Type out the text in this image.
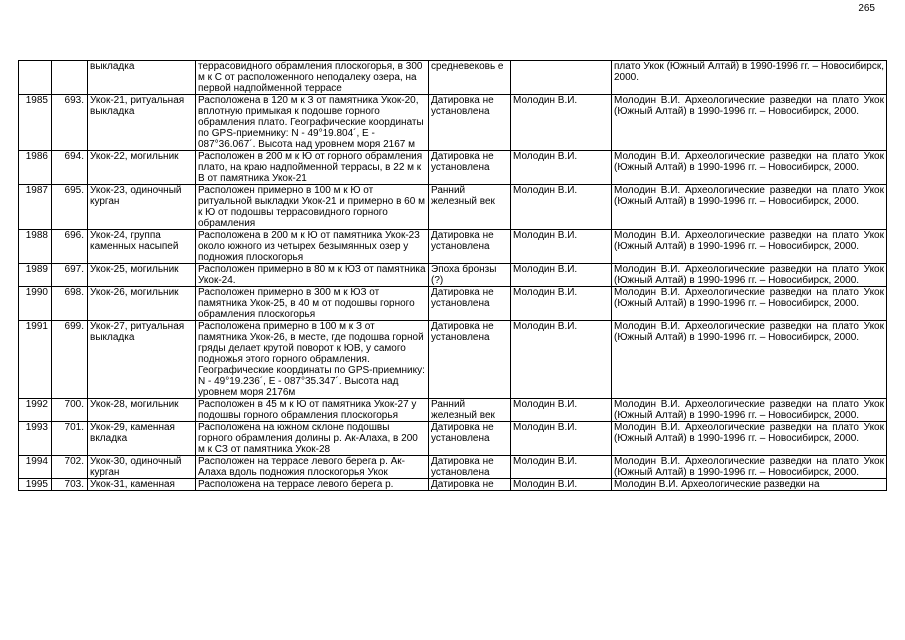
265
		выкладка	террасовидного обрамления плоскогорья, в 300 м к С от расположенного неподалеку озера, на первой надпойменной террасе	средневековь е		плато Укок (Южный Алтай) в 1990-1996 гг. – Новосибирск, 2000.
1985	693.	Укок-21, ритуальная выкладка	Расположена в 120 м к З от памятника Укок-20, вплотную примыкая к подошве горного обрамления плато. Географические координаты по GPS-приемнику: N - 49°19.804´, E - 087°36.067´. Высота над уровнем моря 2167 м	Датировка не установлена	Молодин В.И.	Молодин В.И. Археологические разведки на плато Укок (Южный Алтай) в 1990-1996 гг. – Новосибирск, 2000.
1986	694.	Укок-22, могильник	Расположен в 200 м к Ю от горного обрамления плато, на краю надпойменной террасы, в 22 м к В от памятника Укок-21	Датировка не установлена	Молодин В.И.	Молодин В.И. Археологические разведки на плато Укок (Южный Алтай) в 1990-1996 гг. – Новосибирск, 2000.
1987	695.	Укок-23, одиночный курган	Расположен примерно в 100 м к Ю от ритуальной выкладки Укок-21 и примерно в 60 м к Ю от подошвы террасовидного горного обрамления	Ранний железный век	Молодин В.И.	Молодин В.И. Археологические разведки на плато Укок (Южный Алтай) в 1990-1996 гг. – Новосибирск, 2000.
1988	696.	Укок-24, группа каменных насыпей	Расположена в 200 м к Ю от памятника Укок-23 около южного из четырех безымянных озер у подножия плоскогорья	Датировка не установлена	Молодин В.И.	Молодин В.И. Археологические разведки на плато Укок (Южный Алтай) в 1990-1996 гг. – Новосибирск, 2000.
1989	697.	Укок-25, могильник	Расположен примерно в 80 м к ЮЗ от памятника Укок-24.	Эпоха бронзы (?)	Молодин В.И.	Молодин В.И. Археологические разведки на плато Укок (Южный Алтай) в 1990-1996 гг. – Новосибирск, 2000.
1990	698.	Укок-26, могильник	Расположен примерно в 300 м к ЮЗ от памятника Укок-25, в 40 м от подошвы горного обрамления плоскогорья	Датировка не установлена	Молодин В.И.	Молодин В.И. Археологические разведки на плато Укок (Южный Алтай) в 1990-1996 гг. – Новосибирск, 2000.
1991	699.	Укок-27, ритуальная выкладка	Расположена примерно в 100 м к З от памятника Укок-26, в месте, где подошва горной гряды делает крутой поворот к ЮВ, у самого подножья этого горного обрамления. Географические координаты по GPS-приемнику: N - 49°19.236´, E - 087°35.347´. Высота над уровнем моря 2176м	Датировка не установлена	Молодин В.И.	Молодин В.И. Археологические разведки на плато Укок (Южный Алтай) в 1990-1996 гг. – Новосибирск, 2000.
1992	700.	Укок-28, могильник	Расположен в 45 м к Ю от памятника Укок-27 у подошвы горного обрамления плоскогорья	Ранний железный век	Молодин В.И.	Молодин В.И. Археологические разведки на плато Укок (Южный Алтай) в 1990-1996 гг. – Новосибирск, 2000.
1993	701.	Укок-29, каменная вкладка	Расположена на южном склоне подошвы горного обрамления долины р. Ак-Алаха, в 200 м к СЗ от памятника Укок-28	Датировка не установлена	Молодин В.И.	Молодин В.И. Археологические разведки на плато Укок (Южный Алтай) в 1990-1996 гг. – Новосибирск, 2000.
1994	702.	Укок-30, одиночный курган	Расположен на террасе левого берега р. Ак-Алаха вдоль подножия плоскогорья Укок	Датировка не установлена	Молодин В.И.	Молодин В.И. Археологические разведки на плато Укок (Южный Алтай) в 1990-1996 гг. – Новосибирск, 2000.
1995	703.	Укок-31, каменная	Расположена на террасе левого берега р.	Датировка не	Молодин В.И.	Молодин В.И. Археологические разведки на
